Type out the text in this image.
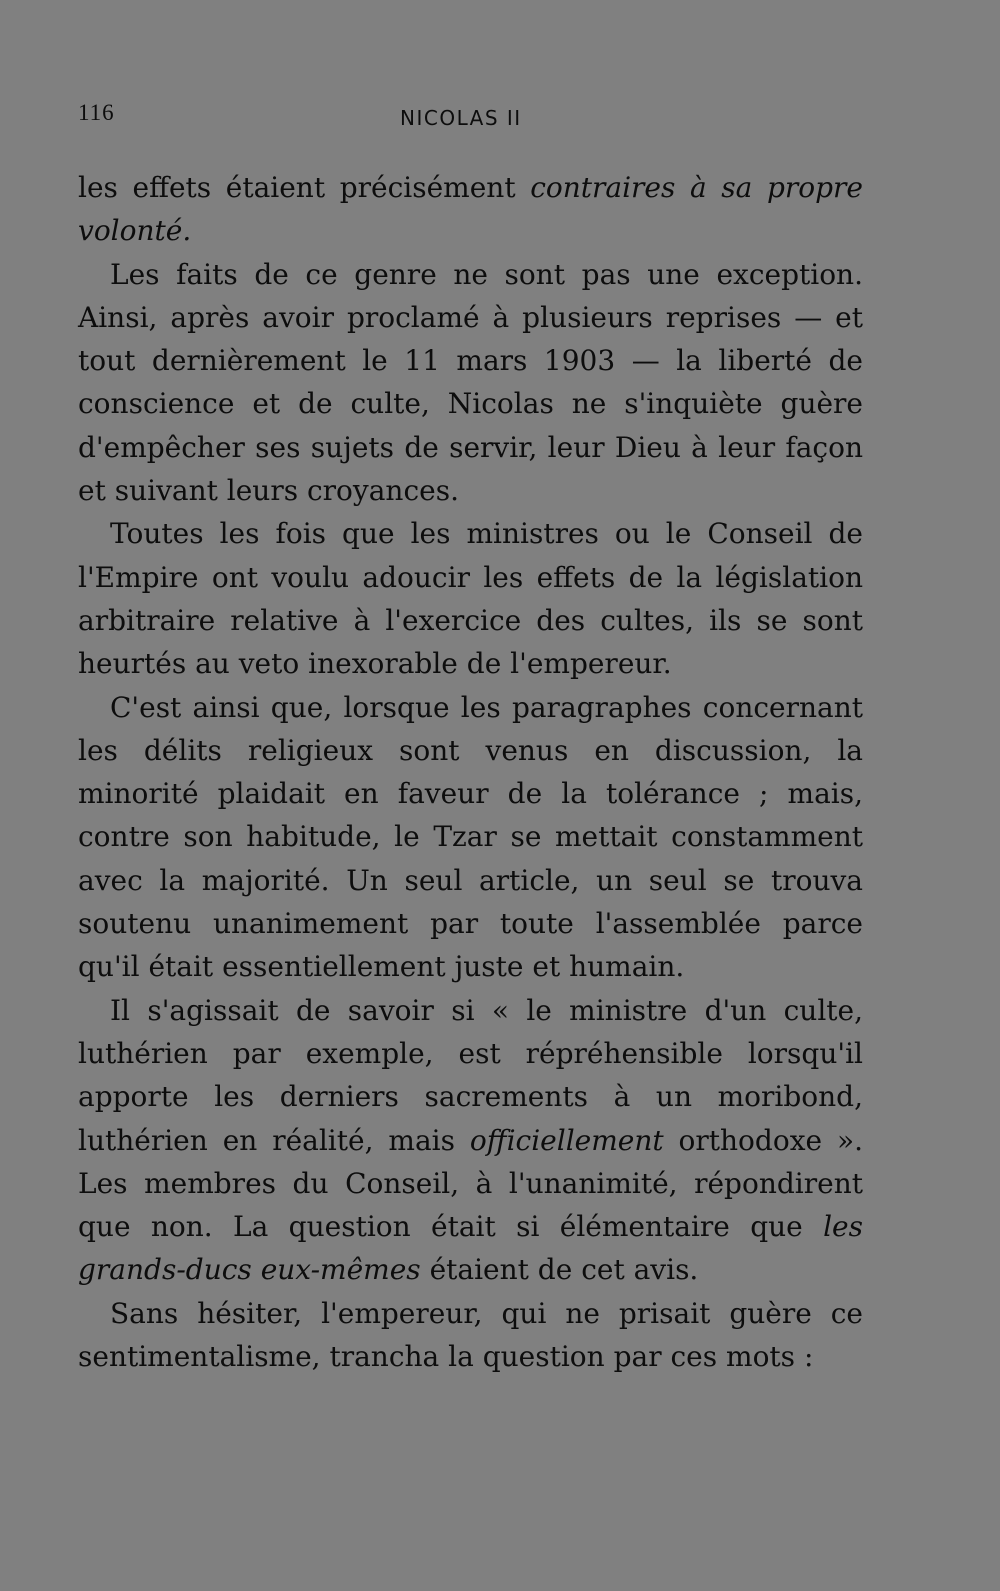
116	NICOLAS II

les effets étaient précisément contraires à sa propre volonté.

Les faits de ce genre ne sont pas une exception. Ainsi, après avoir proclamé à plusieurs reprises — et tout dernièrement le 11 mars 1903 — la liberté de conscience et de culte, Nicolas ne s'inquiète guère d'empêcher ses sujets de servir, leur Dieu à leur façon et suivant leurs croyances.

Toutes les fois que les ministres ou le Conseil de l'Empire ont voulu adoucir les effets de la législation arbitraire relative à l'exercice des cultes, ils se sont heurtés au veto inexorable de l'empereur.

C'est ainsi que, lorsque les paragraphes concernant les délits religieux sont venus en discussion, la minorité plaidait en faveur de la tolérance ; mais, contre son habitude, le Tzar se mettait constamment avec la majorité. Un seul article, un seul se trouva soutenu unanimement par toute l'assemblée parce qu'il était essentiellement juste et humain.

Il s'agissait de savoir si « le ministre d'un culte, luthérien par exemple, est répréhensible lorsqu'il apporte les derniers sacrements à un moribond, luthérien en réalité, mais officiellement orthodoxe ». Les membres du Conseil, à l'unanimité, répondirent que non. La question était si élémentaire que les grands-ducs eux-mêmes étaient de cet avis.

Sans hésiter, l'empereur, qui ne prisait guère ce sentimentalisme, trancha la question par ces mots :
